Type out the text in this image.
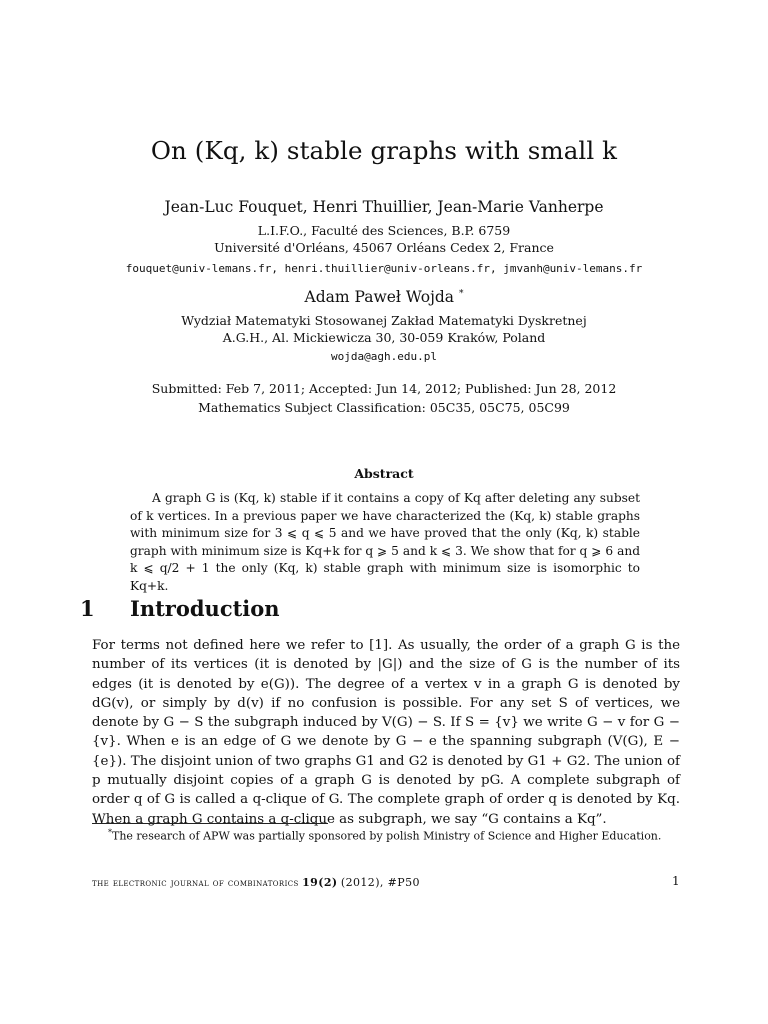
On (Kq, k) stable graphs with small k
Jean-Luc Fouquet, Henri Thuillier, Jean-Marie Vanherpe
L.I.F.O., Faculté des Sciences, B.P. 6759
Université d'Orléans, 45067 Orléans Cedex 2, France
fouquet@univ-lemans.fr, henri.thuillier@univ-orleans.fr, jmvanh@univ-lemans.fr
Adam Paweł Wojda *
Wydział Matematyki Stosowanej Zakład Matematyki Dyskretnej
A.G.H., Al. Mickiewicza 30, 30-059 Kraków, Poland
wojda@agh.edu.pl
Submitted: Feb 7, 2011; Accepted: Jun 14, 2012; Published: Jun 28, 2012
Mathematics Subject Classification: 05C35, 05C75, 05C99
Abstract
A graph G is (Kq, k) stable if it contains a copy of Kq after deleting any subset of k vertices. In a previous paper we have characterized the (Kq, k) stable graphs with minimum size for 3 ⩽ q ⩽ 5 and we have proved that the only (Kq, k) stable graph with minimum size is Kq+k for q ⩾ 5 and k ⩽ 3. We show that for q ⩾ 6 and k ⩽ q/2 + 1 the only (Kq, k) stable graph with minimum size is isomorphic to Kq+k.
1 Introduction
For terms not defined here we refer to [1]. As usually, the order of a graph G is the number of its vertices (it is denoted by |G|) and the size of G is the number of its edges (it is denoted by e(G)). The degree of a vertex v in a graph G is denoted by dG(v), or simply by d(v) if no confusion is possible. For any set S of vertices, we denote by G − S the subgraph induced by V(G) − S. If S = {v} we write G − v for G − {v}. When e is an edge of G we denote by G − e the spanning subgraph (V(G), E − {e}). The disjoint union of two graphs G1 and G2 is denoted by G1 + G2. The union of p mutually disjoint copies of a graph G is denoted by pG. A complete subgraph of order q of G is called a q-clique of G. The complete graph of order q is denoted by Kq. When a graph G contains a q-clique as subgraph, we say “G contains a Kq”.
*The research of APW was partially sponsored by polish Ministry of Science and Higher Education.
the electronic journal of combinatorics 19(2) (2012), #P50	1
